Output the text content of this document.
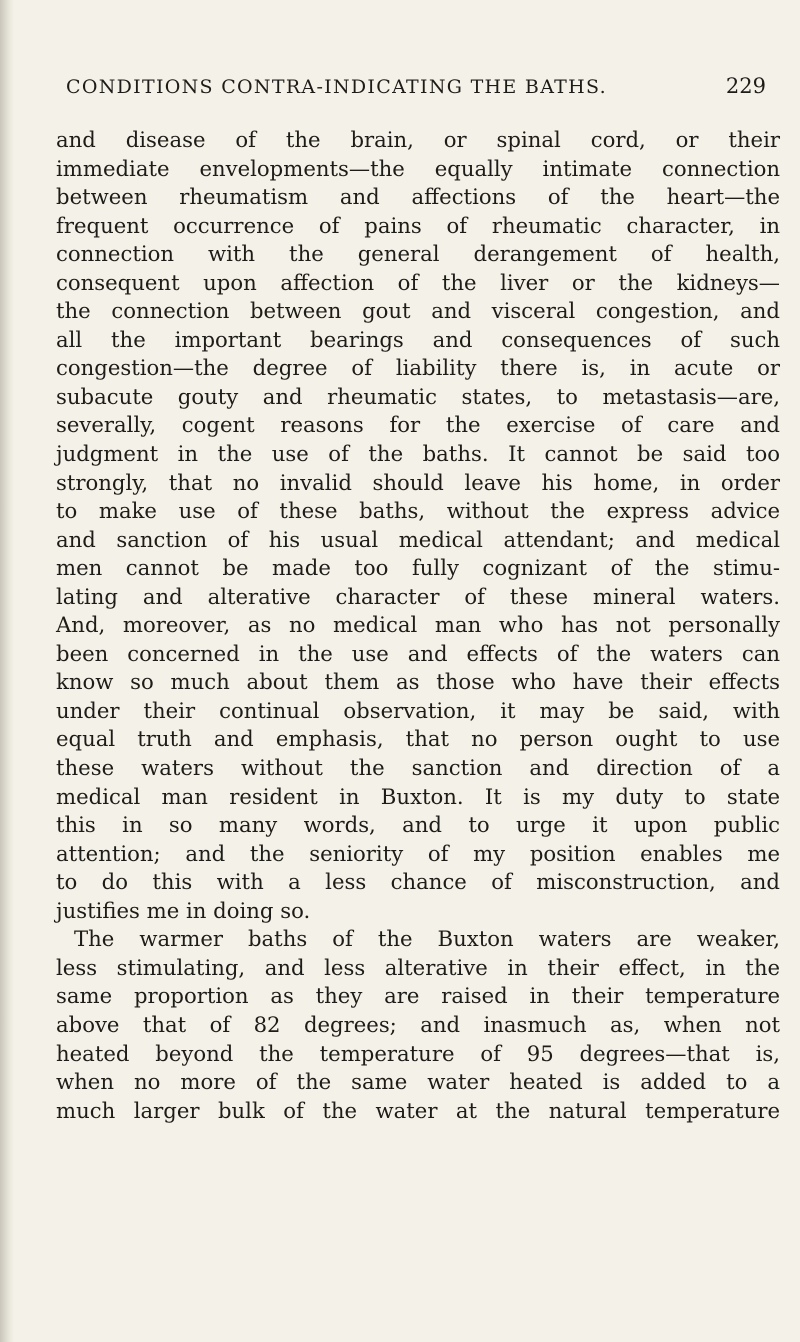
CONDITIONS CONTRA-INDICATING THE BATHS.	229
and disease of the brain, or spinal cord, or their
immediate envelopments—the equally intimate connection
between rheumatism and affections of the heart—the
frequent occurrence of pains of rheumatic character, in
connection with the general derangement of health,
consequent upon affection of the liver or the kidneys—
the connection between gout and visceral congestion, and
all the important bearings and consequences of such
congestion—the degree of liability there is, in acute or
subacute gouty and rheumatic states, to metastasis—are,
severally, cogent reasons for the exercise of care and
judgment in the use of the baths. It cannot be said too
strongly, that no invalid should leave his home, in order
to make use of these baths, without the express advice
and sanction of his usual medical attendant; and medical
men cannot be made too fully cognizant of the stimu-
lating and alterative character of these mineral waters.
And, moreover, as no medical man who has not personally
been concerned in the use and effects of the waters can
know so much about them as those who have their effects
under their continual observation, it may be said, with
equal truth and emphasis, that no person ought to use
these waters without the sanction and direction of a
medical man resident in Buxton. It is my duty to state
this in so many words, and to urge it upon public
attention; and the seniority of my position enables me
to do this with a less chance of misconstruction, and
justifies me in doing so.
The warmer baths of the Buxton waters are weaker,
less stimulating, and less alterative in their effect, in the
same proportion as they are raised in their temperature
above that of 82 degrees; and inasmuch as, when not
heated beyond the temperature of 95 degrees—that is,
when no more of the same water heated is added to a
much larger bulk of the water at the natural temperature
